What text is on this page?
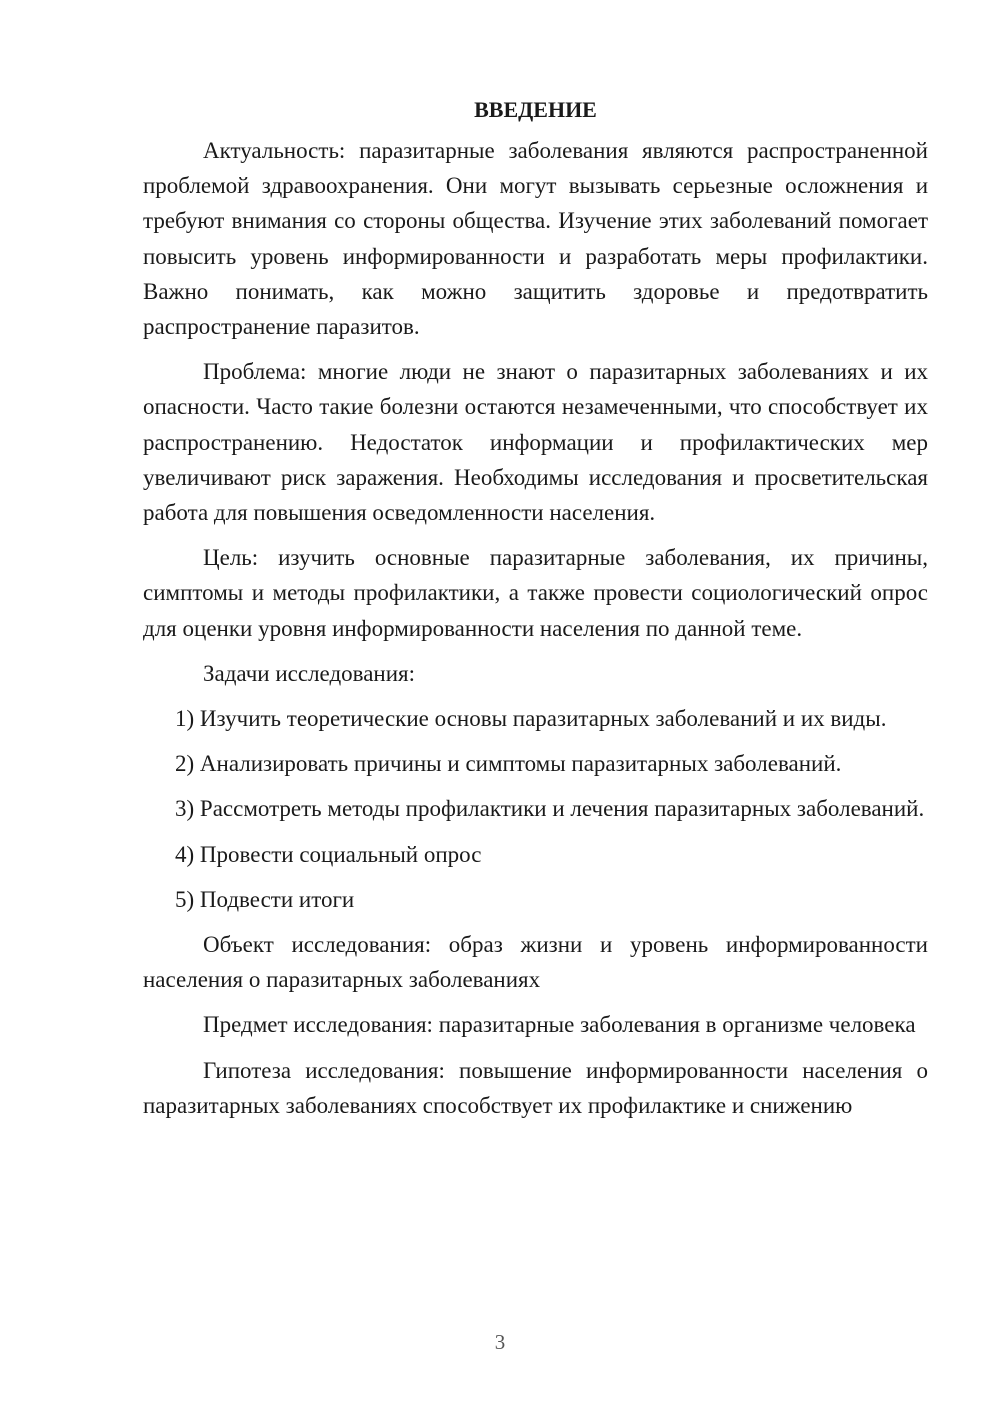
ВВЕДЕНИЕ

Актуальность: паразитарные заболевания являются распространенной проблемой здравоохранения. Они могут вызывать серьезные осложнения и требуют внимания со стороны общества. Изучение этих заболеваний помогает повысить уровень информированности и разработать меры профилактики. Важно понимать, как можно защитить здоровье и предотвратить распространение паразитов.

Проблема: многие люди не знают о паразитарных заболеваниях и их опасности. Часто такие болезни остаются незамеченными, что способствует их распространению. Недостаток информации и профилактических мер увеличивают риск заражения. Необходимы исследования и просветительская работа для повышения осведомленности населения.

Цель: изучить основные паразитарные заболевания, их причины, симптомы и методы профилактики, а также провести социологический опрос для оценки уровня информированности населения по данной теме.

Задачи исследования:

1) Изучить теоретические основы паразитарных заболеваний и их виды.

2) Анализировать причины и симптомы паразитарных заболеваний.

3) Рассмотреть методы профилактики и лечения паразитарных заболеваний.

4) Провести социальный опрос

5) Подвести итоги

Объект исследования: образ жизни и уровень информированности населения о паразитарных заболеваниях

Предмет исследования: паразитарные заболевания в организме человека

Гипотеза исследования: повышение информированности населения о паразитарных заболеваниях способствует их профилактике и снижению

3
